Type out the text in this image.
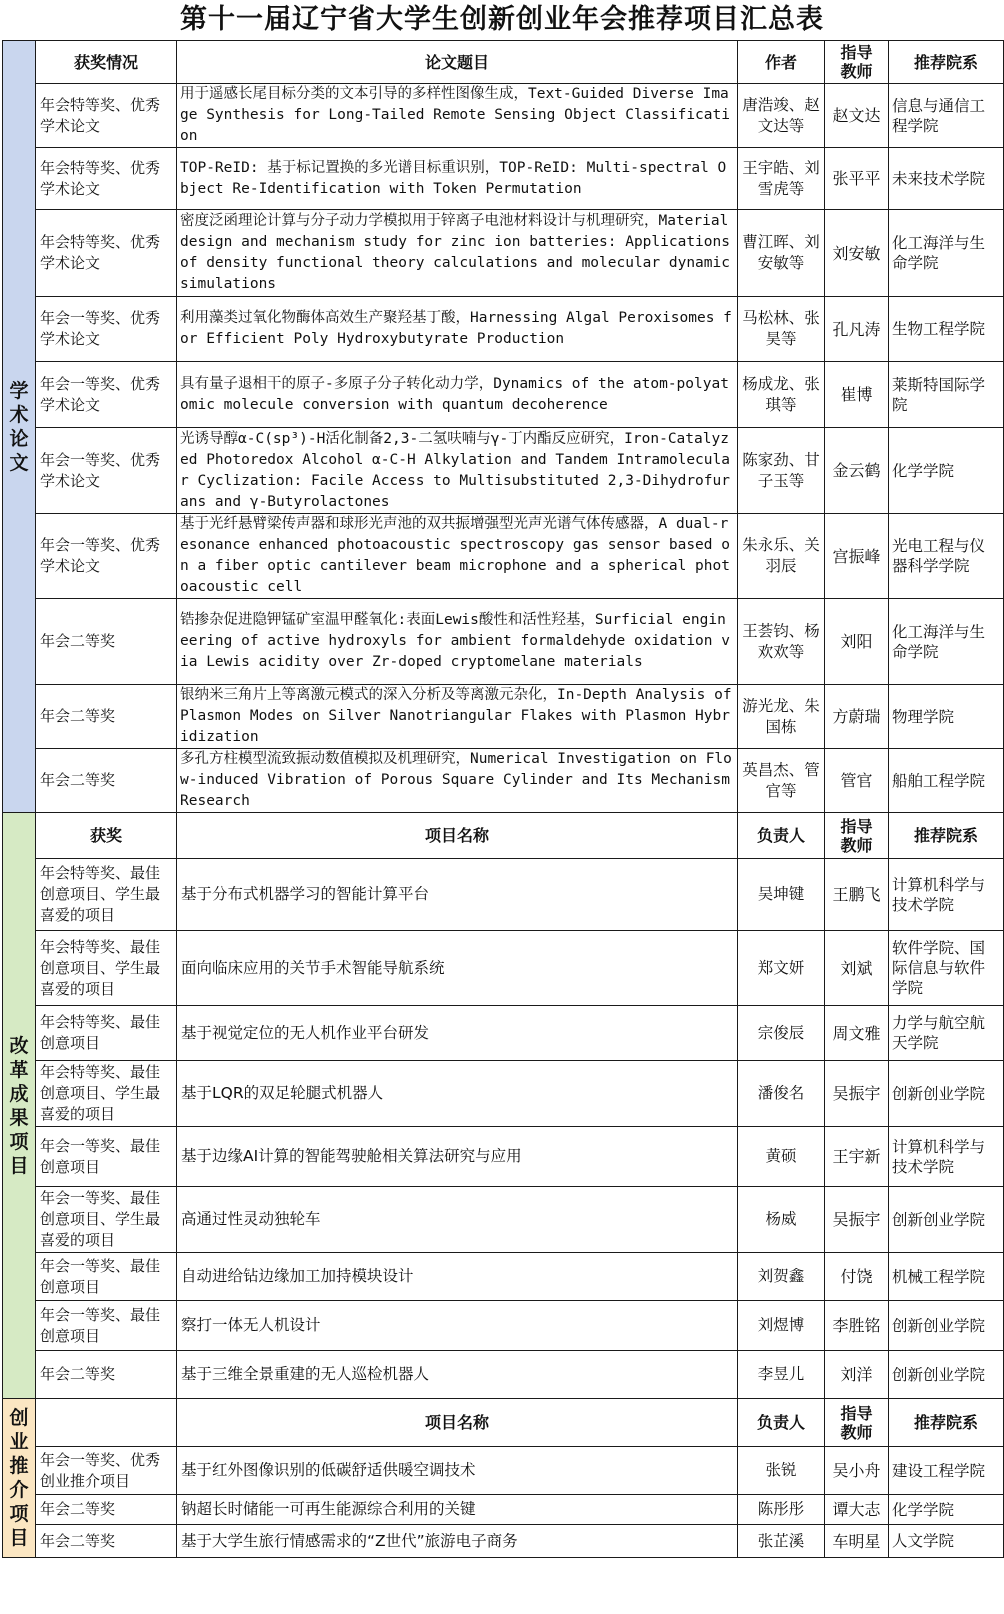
第十一届辽宁省大学生创新创业年会推荐项目汇总表
学术论文	获奖情况	论文题目	作者	指导教师	推荐院系
	年会特等奖、优秀学术论文	用于遥感长尾目标分类的文本引导的多样性图像生成，Text-Guided Diverse Image Synthesis for Long-Tailed Remote Sensing Object Classification	唐浩竣、赵文达等	赵文达	信息与通信工程学院
	年会特等奖、优秀学术论文	TOP-ReID: 基于标记置换的多光谱目标重识别，TOP-ReID: Multi-spectral Object Re-Identification with Token Permutation	王宇皓、刘雪虎等	张平平	未来技术学院
	年会特等奖、优秀学术论文	密度泛函理论计算与分子动力学模拟用于锌离子电池材料设计与机理研究，Material design and mechanism study for zinc ion batteries: Applications of density functional theory calculations and molecular dynamic simulations	曹江晖、刘安敏等	刘安敏	化工海洋与生命学院
	年会一等奖、优秀学术论文	利用藻类过氧化物酶体高效生产聚羟基丁酸，Harnessing Algal Peroxisomes for Efficient Poly Hydroxybutyrate Production	马松林、张昊等	孔凡涛	生物工程学院
	年会一等奖、优秀学术论文	具有量子退相干的原子-多原子分子转化动力学，Dynamics of the atom-polyatomic molecule conversion with quantum decoherence	杨成龙、张琪等	崔博	莱斯特国际学院
	年会一等奖、优秀学术论文	光诱导醇α-C(sp³)-H活化制备2,3-二氢呋喃与γ-丁内酯反应研究，Iron-Catalyzed Photoredox Alcohol α-C-H Alkylation and Tandem Intramolecular Cyclization: Facile Access to Multisubstituted 2,3-Dihydrofurans and γ-Butyrolactones	陈家劲、甘子玉等	金云鹤	化学学院
	年会一等奖、优秀学术论文	基于光纤悬臂梁传声器和球形光声池的双共振增强型光声光谱气体传感器，A dual-resonance enhanced photoacoustic spectroscopy gas sensor based on a fiber optic cantilever beam microphone and a spherical photoacoustic cell	朱永乐、关羽辰	宫振峰	光电工程与仪器科学学院
	年会二等奖	锆掺杂促进隐钾锰矿室温甲醛氧化:表面Lewis酸性和活性羟基，Surficial engineering of active hydroxyls for ambient formaldehyde oxidation via Lewis acidity over Zr-doped cryptomelane materials	王荟钧、杨欢欢等	刘阳	化工海洋与生命学院
	年会二等奖	银纳米三角片上等离激元模式的深入分析及等离激元杂化，In-Depth Analysis of Plasmon Modes on Silver Nanotriangular Flakes with Plasmon Hybridization	游光龙、朱国栋	方蔚瑞	物理学院
	年会二等奖	多孔方柱模型流致振动数值模拟及机理研究，Numerical Investigation on Flow-induced Vibration of Porous Square Cylinder and Its Mechanism Research	英昌杰、管官等	管官	船舶工程学院

改革成果项目	获奖	项目名称	负责人	指导教师	推荐院系
	年会特等奖、最佳创意项目、学生最喜爱的项目	基于分布式机器学习的智能计算平台	吴坤键	王鹏飞	计算机科学与技术学院
	年会特等奖、最佳创意项目、学生最喜爱的项目	面向临床应用的关节手术智能导航系统	郑文妍	刘斌	软件学院、国际信息与软件学院
	年会特等奖、最佳创意项目	基于视觉定位的无人机作业平台研发	宗俊辰	周文雅	力学与航空航天学院
	年会特等奖、最佳创意项目、学生最喜爱的项目	基于LQR的双足轮腿式机器人	潘俊名	吴振宇	创新创业学院
	年会一等奖、最佳创意项目	基于边缘AI计算的智能驾驶舱相关算法研究与应用	黄硕	王宇新	计算机科学与技术学院
	年会一等奖、最佳创意项目、学生最喜爱的项目	高通过性灵动独轮车	杨威	吴振宇	创新创业学院
	年会一等奖、最佳创意项目	自动进给钻边缘加工加持模块设计	刘贺鑫	付饶	机械工程学院
	年会一等奖、最佳创意项目	察打一体无人机设计	刘煜博	李胜铭	创新创业学院
	年会二等奖	基于三维全景重建的无人巡检机器人	李昱儿	刘洋	创新创业学院

创业推介项目		项目名称	负责人	指导教师	推荐院系
	年会一等奖、优秀创业推介项目	基于红外图像识别的低碳舒适供暖空调技术	张锐	吴小舟	建设工程学院
	年会二等奖	钠超长时储能一可再生能源综合利用的关键	陈彤彤	谭大志	化学学院
	年会二等奖	基于大学生旅行情感需求的“Z世代”旅游电子商务	张芷溪	车明星	人文学院
